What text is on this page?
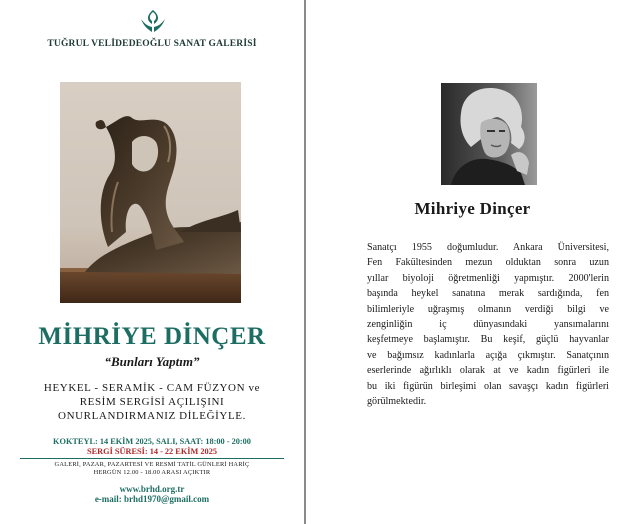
TUĞRUL VELİDEDEOĞLU SANAT GALERİSİ
MİHRİYE DİNÇER
“Bunları Yaptım”
HEYKEL - SERAMİK - CAM FÜZYON ve
RESİM SERGİSİ AÇILIŞINI
ONURLANDIRMANIZ DİLEĞİYLE.
KOKTEYL: 14 EKİM 2025, SALI, SAAT: 18:00 - 20:00
SERGİ SÜRESİ: 14 - 22 EKİM 2025
GALERİ, PAZAR, PAZARTESİ VE RESMİ TATİL GÜNLERİ HARİÇ
HERGÜN 12.00 - 18.00 ARASI AÇIKTIR
www.brhd.org.tr
e-mail: brhd1970@gmail.com
Mihriye Dinçer
Sanatçı 1955 doğumludur. Ankara Üniversitesi,
Fen Fakültesinden mezun olduktan sonra uzun
yıllar biyoloji öğretmenliği yapmıştır. 2000'lerin
başında heykel sanatına merak sardığında, fen
bilimleriyle uğraşmış olmanın verdiği bilgi ve
zenginliğin iç dünyasındaki yansımalarını
keşfetmeye başlamıştır. Bu keşif, güçlü hayvanlar
ve bağımsız kadınlarla açığa çıkmıştır. Sanatçının
eserlerinde ağırlıklı olarak at ve kadın figürleri ile
bu iki figürün birleşimi olan savaşçı kadın figürleri
görülmektedir.
